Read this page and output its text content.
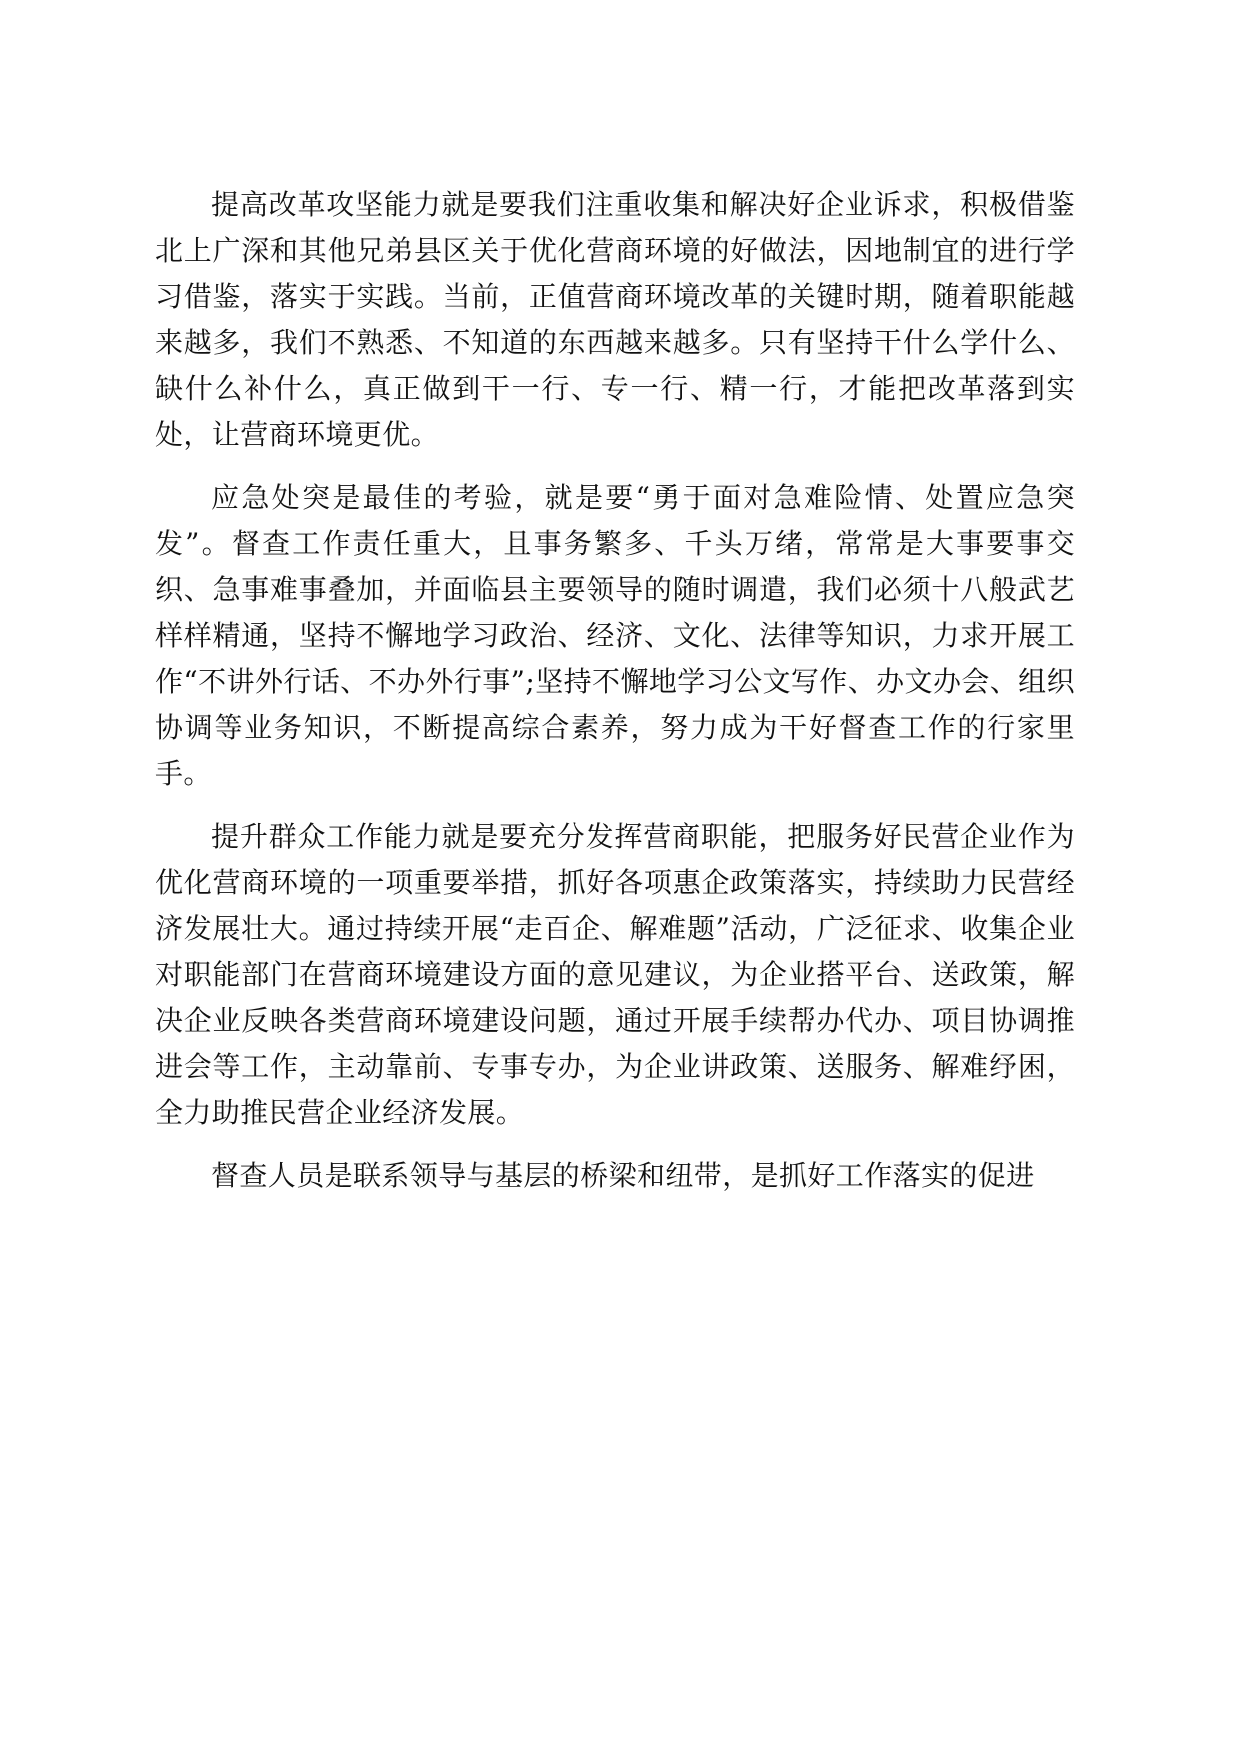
提高改革攻坚能力就是要我们注重收集和解决好企业诉求，积极借鉴北上广深和其他兄弟县区关于优化营商环境的好做法，因地制宜的进行学习借鉴，落实于实践。当前，正值营商环境改革的关键时期，随着职能越来越多，我们不熟悉、不知道的东西越来越多。只有坚持干什么学什么、缺什么补什么，真正做到干一行、专一行、精一行，才能把改革落到实处，让营商环境更优。

应急处突是最佳的考验，就是要“勇于面对急难险情、处置应急突发”。督查工作责任重大，且事务繁多、千头万绪，常常是大事要事交织、急事难事叠加，并面临县主要领导的随时调遣，我们必须十八般武艺样样精通，坚持不懈地学习政治、经济、文化、法律等知识，力求开展工作“不讲外行话、不办外行事”;坚持不懈地学习公文写作、办文办会、组织协调等业务知识，不断提高综合素养，努力成为干好督查工作的行家里手。

提升群众工作能力就是要充分发挥营商职能，把服务好民营企业作为优化营商环境的一项重要举措，抓好各项惠企政策落实，持续助力民营经济发展壮大。通过持续开展“走百企、解难题”活动，广泛征求、收集企业对职能部门在营商环境建设方面的意见建议，为企业搭平台、送政策，解决企业反映各类营商环境建设问题，通过开展手续帮办代办、项目协调推进会等工作，主动靠前、专事专办，为企业讲政策、送服务、解难纾困，全力助推民营企业经济发展。

督查人员是联系领导与基层的桥梁和纽带，是抓好工作落实的促进
